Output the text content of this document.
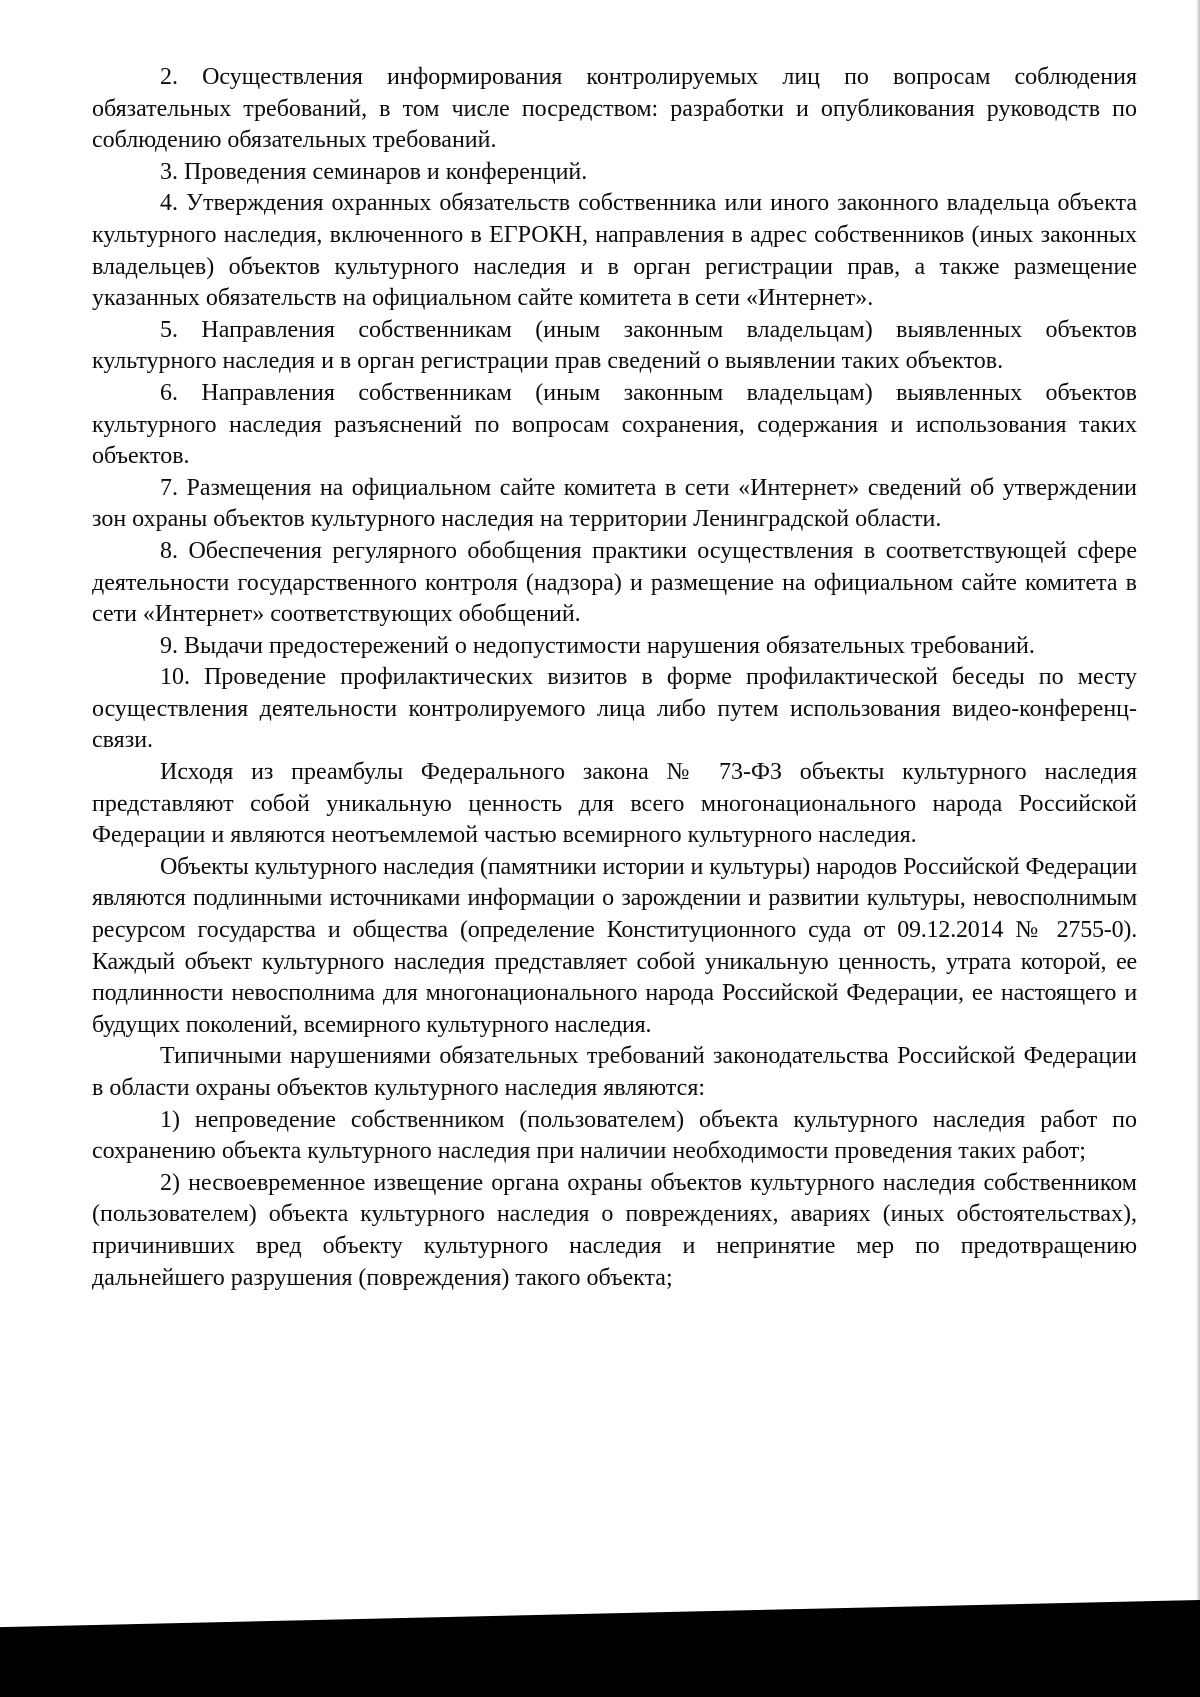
2. Осуществления информирования контролируемых лиц по вопросам соблюдения обязательных требований, в том числе посредством: разработки и опубликования руководств по соблюдению обязательных требований.

3. Проведения семинаров и конференций.

4. Утверждения охранных обязательств собственника или иного законного владельца объекта культурного наследия, включенного в ЕГРОКН, направления в адрес собственников (иных законных владельцев) объектов культурного наследия и в орган регистрации прав, а также размещение указанных обязательств на официальном сайте комитета в сети «Интернет».

5. Направления собственникам (иным законным владельцам) выявленных объектов культурного наследия и в орган регистрации прав сведений о выявлении таких объектов.

6. Направления собственникам (иным законным владельцам) выявленных объектов культурного наследия разъяснений по вопросам сохранения, содержания и использования таких объектов.

7. Размещения на официальном сайте комитета в сети «Интернет» сведений об утверждении зон охраны объектов культурного наследия на территории Ленинградской области.

8. Обеспечения регулярного обобщения практики осуществления в соответствующей сфере деятельности государственного контроля (надзора) и размещение на официальном сайте комитета в сети «Интернет» соответствующих обобщений.

9. Выдачи предостережений о недопустимости нарушения обязательных требований.

10. Проведение профилактических визитов в форме профилактической беседы по месту осуществления деятельности контролируемого лица либо путем использования видео-конференц-связи.

Исходя из преамбулы Федерального закона № 73-ФЗ объекты культурного наследия представляют собой уникальную ценность для всего многонационального народа Российской Федерации и являются неотъемлемой частью всемирного культурного наследия.

Объекты культурного наследия (памятники истории и культуры) народов Российской Федерации являются подлинными источниками информации о зарождении и развитии культуры, невосполнимым ресурсом государства и общества (определение Конституционного суда от 09.12.2014 № 2755-0). Каждый объект культурного наследия представляет собой уникальную ценность, утрата которой, ее подлинности невосполнима для многонационального народа Российской Федерации, ее настоящего и будущих поколений, всемирного культурного наследия.

Типичными нарушениями обязательных требований законодательства Российской Федерации в области охраны объектов культурного наследия являются:

1) непроведение собственником (пользователем) объекта культурного наследия работ по сохранению объекта культурного наследия при наличии необходимости проведения таких работ;

2) несвоевременное извещение органа охраны объектов культурного наследия собственником (пользователем) объекта культурного наследия о повреждениях, авариях (иных обстоятельствах), причинивших вред объекту культурного наследия и непринятие мер по предотвращению дальнейшего разрушения (повреждения) такого объекта;
